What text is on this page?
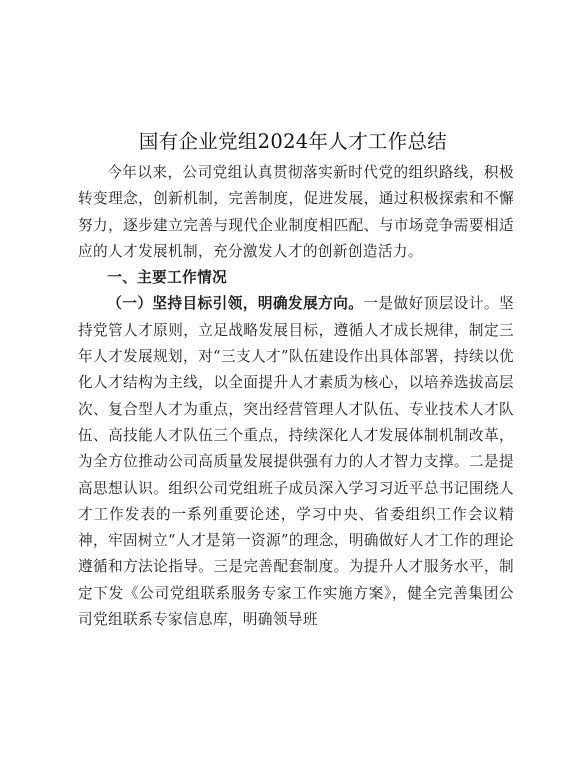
国有企业党组2024年人才工作总结

今年以来，公司党组认真贯彻落实新时代党的组织路线，积极转变理念，创新机制，完善制度，促进发展，通过积极探索和不懈努力，逐步建立完善与现代企业制度相匹配、与市场竞争需要相适应的人才发展机制，充分激发人才的创新创造活力。

一、主要工作情况

（一）坚持目标引领，明确发展方向。一是做好顶层设计。坚持党管人才原则，立足战略发展目标，遵循人才成长规律，制定三年人才发展规划，对“三支人才”队伍建设作出具体部署，持续以优化人才结构为主线，以全面提升人才素质为核心，以培养选拔高层次、复合型人才为重点，突出经营管理人才队伍、专业技术人才队伍、高技能人才队伍三个重点，持续深化人才发展体制机制改革，为全方位推动公司高质量发展提供强有力的人才智力支撑。二是提高思想认识。组织公司党组班子成员深入学习习近平总书记围绕人才工作发表的一系列重要论述，学习中央、省委组织工作会议精神，牢固树立“人才是第一资源”的理念，明确做好人才工作的理论遵循和方法论指导。三是完善配套制度。为提升人才服务水平，制定下发《公司党组联系服务专家工作实施方案》，健全完善集团公司党组联系专家信息库，明确领导班
